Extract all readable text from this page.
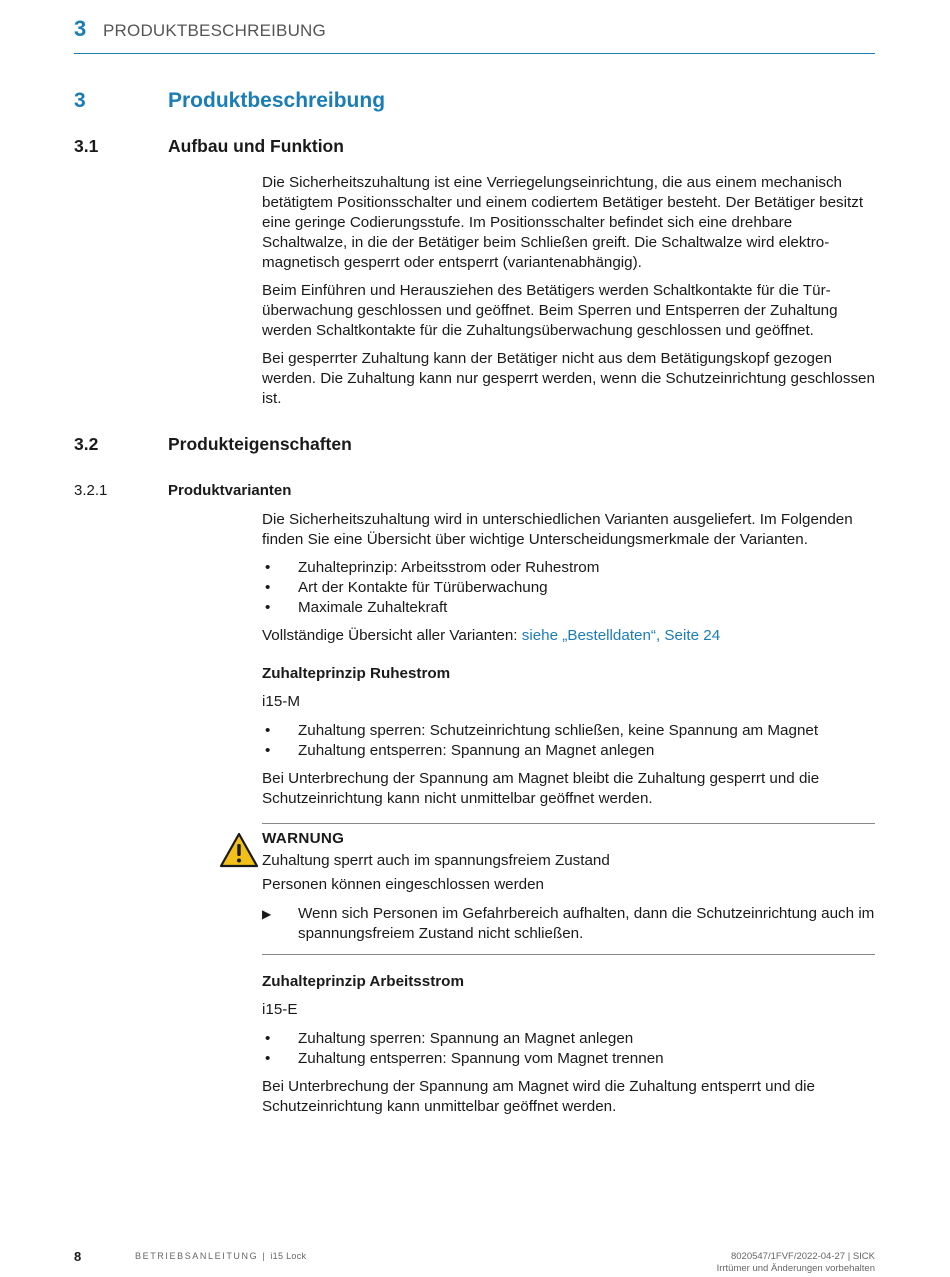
3 PRODUKTBESCHREIBUNG
3	Produktbeschreibung
3.1	Aufbau und Funktion

Die Sicherheitszuhaltung ist eine Verriegelungseinrichtung, die aus einem mechanisch betätigtem Positionsschalter und einem codiertem Betätiger besteht. Der Betätiger besitzt eine geringe Codierungsstufe. Im Positionsschalter befindet sich eine drehbare Schaltwalze, in die der Betätiger beim Schließen greift. Die Schaltwalze wird elektromagnetisch gesperrt oder entsperrt (variantenabhängig).

Beim Einführen und Herausziehen des Betätigers werden Schaltkontakte für die Türüberwachung geschlossen und geöffnet. Beim Sperren und Entsperren der Zuhaltung werden Schaltkontakte für die Zuhaltungsüberwachung geschlossen und geöffnet.

Bei gesperrter Zuhaltung kann der Betätiger nicht aus dem Betätigungskopf gezogen werden. Die Zuhaltung kann nur gesperrt werden, wenn die Schutzeinrichtung geschlossen ist.

3.2	Produkteigenschaften
3.2.1	Produktvarianten

Die Sicherheitszuhaltung wird in unterschiedlichen Varianten ausgeliefert. Im Folgenden finden Sie eine Übersicht über wichtige Unterscheidungsmerkmale der Varianten.

• Zuhalteprinzip: Arbeitsstrom oder Ruhestrom
• Art der Kontakte für Türüberwachung
• Maximale Zuhaltekraft

Vollständige Übersicht aller Varianten: siehe „Bestelldaten“, Seite 24

Zuhalteprinzip Ruhestrom
i15-M
• Zuhaltung sperren: Schutzeinrichtung schließen, keine Spannung am Magnet
• Zuhaltung entsperren: Spannung an Magnet anlegen

Bei Unterbrechung der Spannung am Magnet bleibt die Zuhaltung gesperrt und die Schutzeinrichtung kann nicht unmittelbar geöffnet werden.

WARNUNG
Zuhaltung sperrt auch im spannungsfreiem Zustand
Personen können eingeschlossen werden
▶	Wenn sich Personen im Gefahrbereich aufhalten, dann die Schutzeinrichtung auch im spannungsfreiem Zustand nicht schließen.
Zuhalteprinzip Arbeitsstrom
i15-E
• Zuhaltung sperren: Spannung an Magnet anlegen
• Zuhaltung entsperren: Spannung vom Magnet trennen

Bei Unterbrechung der Spannung am Magnet wird die Zuhaltung entsperrt und die Schutzeinrichtung kann unmittelbar geöffnet werden.

8	BETRIEBSANLEITUNG | i15 Lock	8020547/1FVF/2022-04-27 | SICK
Irrtümer und Änderungen vorbehalten
